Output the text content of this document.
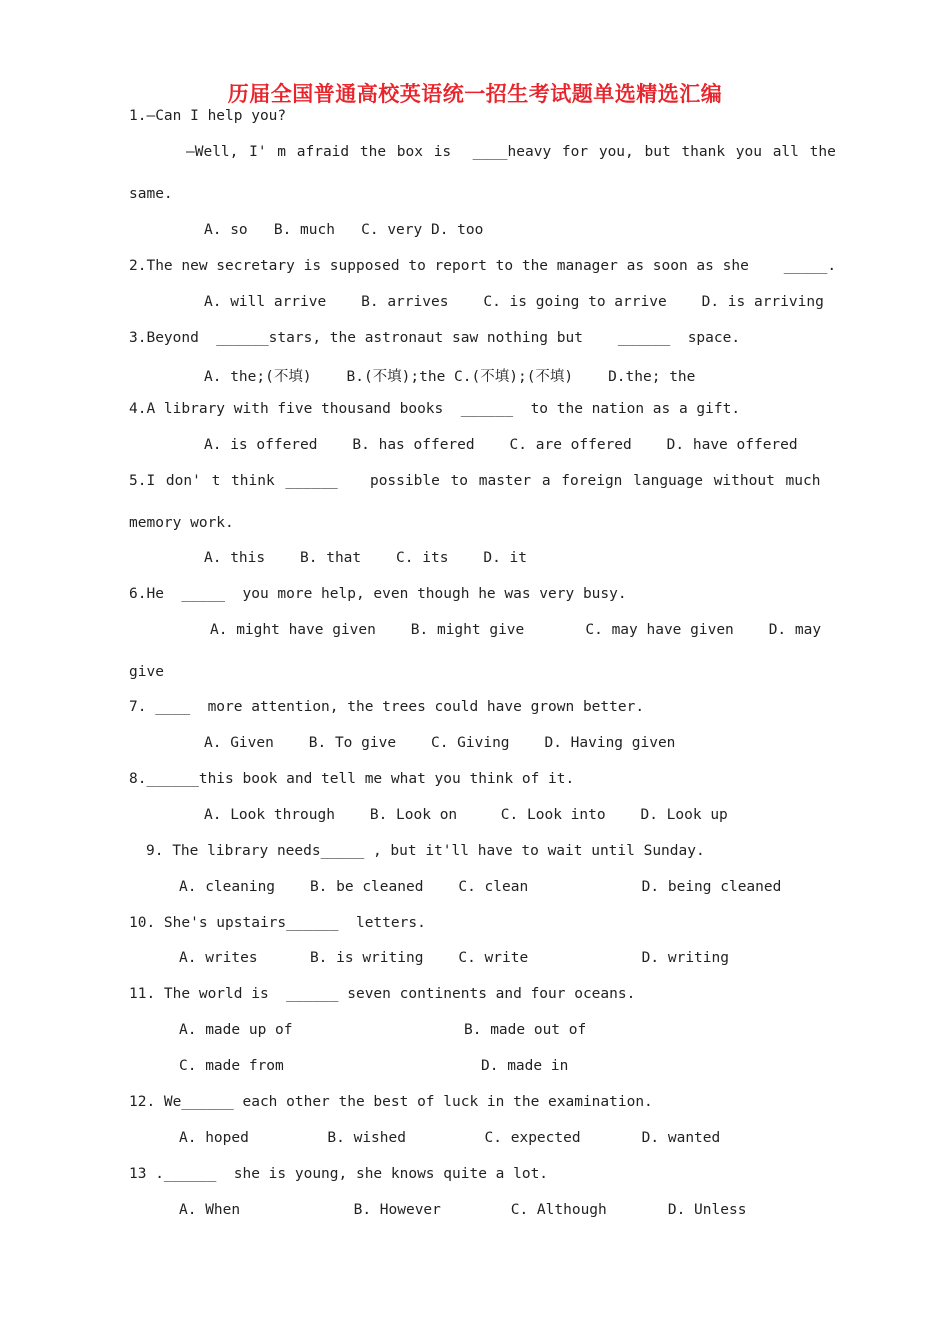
历届全国普通高校英语统一招生考试题单选精选汇编
1.—Can I help you?
—Well, I' m afraid the box is  ____heavy for you, but thank you all the
same.
A. so   B. much   C. very D. too
2.The new secretary is supposed to report to the manager as soon as she    _____.
A. will arrive    B. arrives    C. is going to arrive    D. is arriving
3.Beyond  ______stars, the astronaut saw nothing but    ______  space.
A. the;(不填)    B.(不填);the C.(不填);(不填)    D.the; the
4.A library with five thousand books  ______  to the nation as a gift.
A. is offered    B. has offered    C. are offered    D. have offered
5.I don' t think ______   possible to master a foreign language without much
memory work.
A. this    B. that    C. its    D. it
6.He  _____  you more help, even though he was very busy.
A. might have given    B. might give       C. may have given    D. may
give
7. ____  more attention, the trees could have grown better.
A. Given    B. To give    C. Giving    D. Having given
8.______this book and tell me what you think of it.
A. Look through    B. Look on     C. Look into    D. Look up
9. The library needs_____ , but it'll have to wait until Sunday.
A. cleaning    B. be cleaned    C. clean             D. being cleaned
10. She's upstairs______  letters.
A. writes      B. is writing    C. write             D. writing
11. The world is  ______ seven continents and four oceans.
A. made up of	B. made out of
C. made from	D. made in
12. We______ each other the best of luck in the examination.
A. hoped         B. wished         C. expected       D. wanted
13 .______  she is young, she knows quite a lot.
A. When             B. However        C. Although       D. Unless
